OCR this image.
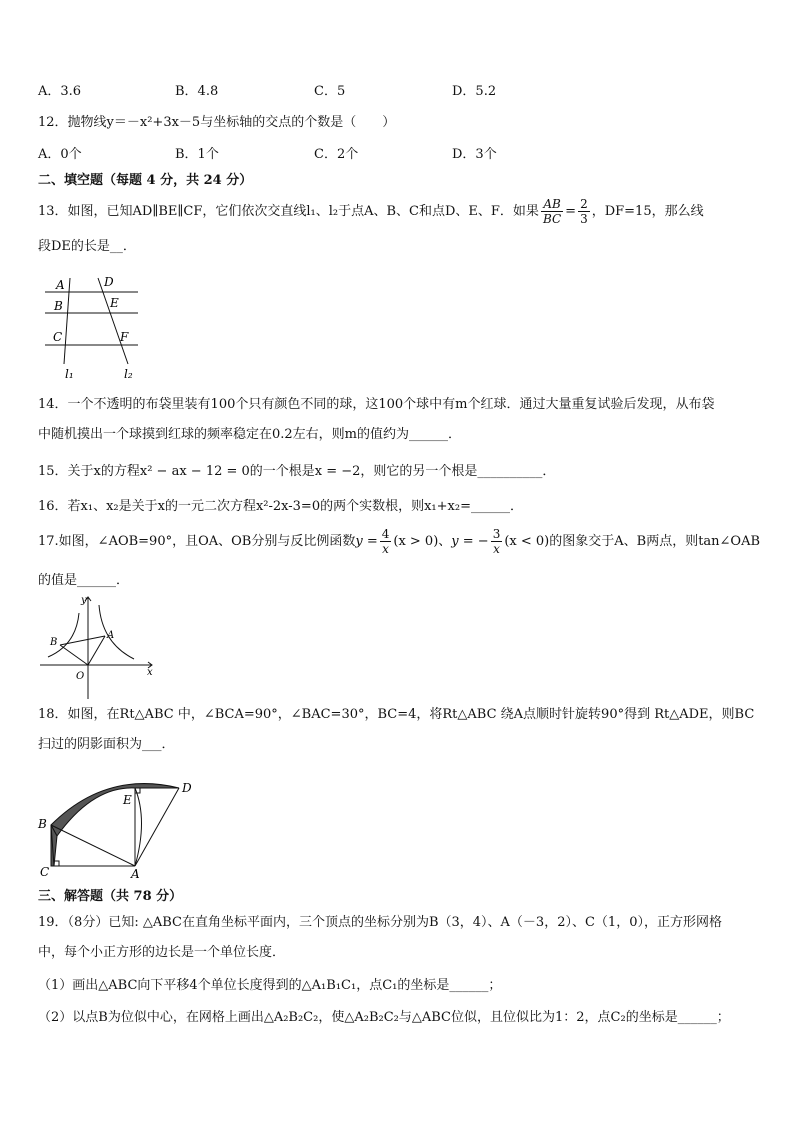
A．3.6	B．4.8	C．5	D．5.2
12．抛物线y＝－x²+3x－5与坐标轴的交点的个数是（　　）
A．0个	B．1个	C．2个	D．3个
二、填空题（每题 4 分，共 24 分）
13．如图，已知AD∥BE∥CF，它们依次交直线l₁、l₂于点A、B、C和点D、E、F．如果 $\frac{AB}{BC} = \frac{2}{3}$ ，DF=15，那么线
段DE的长是__．
A	D
B	E
C	F
l₁	l₂
14．一个不透明的布袋里装有100个只有颜色不同的球，这100个球中有m个红球．通过大量重复试验后发现，从布袋
中随机摸出一个球摸到红球的频率稳定在0.2左右，则m的值约为______．
15．关于x的方程x² − ax − 12 = 0的一个根是x = −2，则它的另一个根是__________．
16．若x₁、x₂是关于x的一元二次方程x²-2x-3=0的两个实数根，则x₁+x₂=______．
17.如图，∠AOB=90°，且OA、OB分别与反比例函数$y = \frac{4}{x} (x > 0)$、y = − $\frac{3}{x} (x < 0)$的图象交于A、B两点，则tan∠OAB
的值是______．
y
x
O
A
B
18．如图，在Rt△ABC 中，∠BCA=90°，∠BAC=30°，BC=4，将Rt△ABC 绕A点顺时针旋转90°得到 Rt△ADE，则BC
扫过的阴影面积为___．
C
B
A
E
D
三、解答题（共 78 分）
19．（8分）已知: △ABC在直角坐标平面内，三个顶点的坐标分别为B（3，4）、A（－3，2）、C（1，0），正方形网格
中，每个小正方形的边长是一个单位长度．
（1）画出△ABC向下平移4个单位长度得到的△A₁B₁C₁，点C₁的坐标是______；
（2）以点B为位似中心，在网格上画出△A₂B₂C₂，使△A₂B₂C₂与△ABC位似，且位似比为1：2，点C₂的坐标是______；
